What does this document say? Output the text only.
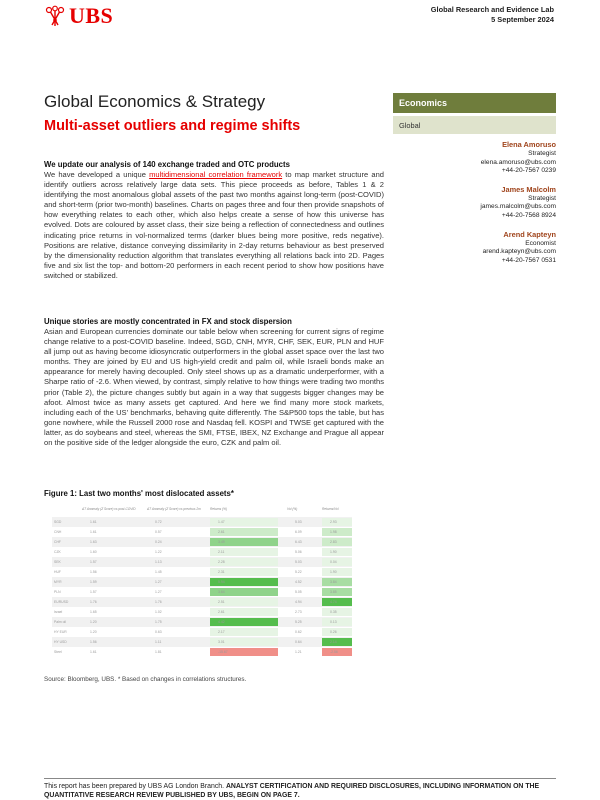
UBS	Global Research and Evidence Lab
5 September 2024
Global Economics & Strategy
Multi-asset outliers and regime shifts
Economics
Global
Elena Amoruso
Strategist
elena.amoruso@ubs.com
+44-20-7567 0239
James Malcolm
Strategist
james.malcolm@ubs.com
+44-20-7568 8924
Arend Kapteyn
Economist
arend.kapteyn@ubs.com
+44-20-7567 0531
We update our analysis of 140 exchange traded and OTC products

We have developed a unique multidimensional correlation framework to map market structure and identify outliers across relatively large data sets. This piece proceeds as before, Tables 1 & 2 identifying the most anomalous global assets of the past two months against long-term (post-COVID) and short-term (prior two-month) baselines. Charts on pages three and four then provide snapshots of how everything relates to each other, which also helps create a sense of how this universe has evolved. Dots are coloured by asset class, their size being a reflection of connectedness and outlines indicating price returns in vol-normalized terms (darker blues being more positive, reds negative). Positions are relative, distance conveying dissimilarity in 2-day returns behaviour as best preserved by the dimensionality reduction algorithm that translates everything all relations back into 2D. Pages five and six list the top- and bottom-20 performers in each recent period to show how positions have switched or stabilized.

Unique stories are mostly concentrated in FX and stock dispersion

Asian and European currencies dominate our table below when screening for current signs of regime change relative to a post-COVID baseline. Indeed, SGD, CNH, MYR, CHF, SEK, EUR, PLN and HUF all jump out as having become idiosyncratic outperformers in the global asset space over the last two months. They are joined by EU and US high-yield credit and palm oil, while Israeli bonds make an appearance for merely having decoupled. Only steel shows up as a dramatic underperformer, with a Sharpe ratio of -2.6. When viewed, by contrast, simply relative to how things were trading two months prior (Table 2), the picture changes subtly but again in a way that suggests bigger changes may be afoot. Almost twice as many assets get captured. And here we find many more stock markets, including each of the US' benchmarks, behaving quite differently. The S&P500 tops the table, but has gone nowhere, while the Russell 2000 rose and Nasdaq fell. KOSPI and TWSE get captured with the latter, as do soybeans and steel, whereas the SMI, FTSE, IBEX, NZ Exchange and Prague all appear on the positive side of the ledger alongside the euro, CZK and palm oil.

Figure 1: Last two months' most dislocated assets*
ΔT Anomaly (Z Score) vs post-COVID	ΔT Anomaly (Z Score) vs previous 2m	Returns (%)	Vol (%)	Returns/Vol
SGD	1.61	0.72	1.47	5.03	2.93
CNH	1.61	0.57	2.61	6.09	1.98
CHF	1.63	0.24	3.49	6.43	2.83
CZK	1.60	1.22	2.11	5.06	1.90
SEK	1.57	1.13	2.28	5.03	0.04
HUF	1.56	1.45	2.31	5.22	1.90
MYR	1.59	1.27	5.94	4.52	3.84
PLN	1.57	1.27	3.64	5.05	3.85
EURUSD	1.76	1.76	2.51	4.94	4.74
Israel	1.65	1.02	2.61	2.73	0.35
Palm oil	1.20	1.75	4.42	5.25	0.13
HY EUR	1.20	0.63	2.17	0.62	0.26
HY USD	1.56	1.11	3.01	0.64	2.14
Steel	1.61	1.81	-15.67	1.21	-2.56
Source: Bloomberg, UBS. * Based on changes in correlations structures.
This report has been prepared by UBS AG London Branch. ANALYST CERTIFICATION AND REQUIRED DISCLOSURES, INCLUDING INFORMATION ON THE QUANTITATIVE RESEARCH REVIEW PUBLISHED BY UBS, BEGIN ON PAGE 7.
